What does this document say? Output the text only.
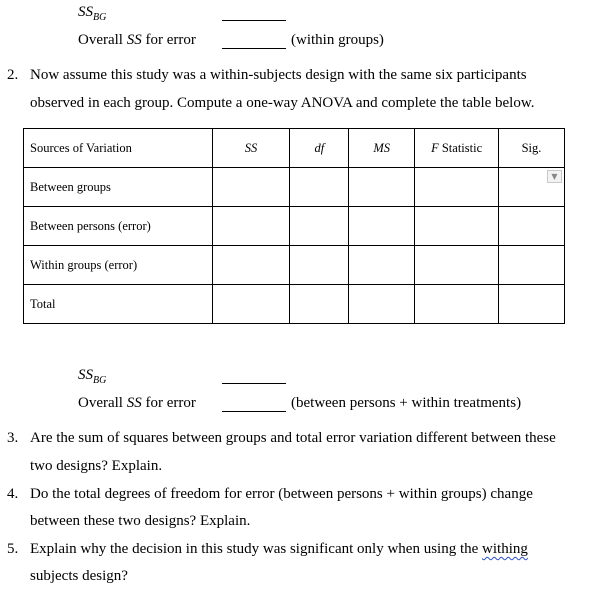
$SS_{BG}$
Overall SS for error	(within groups)
2. Now assume this study was a within-subjects design with the same six participants
observed in each group. Compute a one-way ANOVA and complete the table below.
Sources of Variation	SS	df	MS	F Statistic	Sig.
Between groups					▼

Between persons (error)					
Within groups (error)					
Total					
$SS_{BG}$
Overall SS for error	(between persons + within treatments)
3. Are the sum of squares between groups and total error variation different between these
two designs? Explain.
4. Do the total degrees of freedom for error (between persons + within groups) change
between these two designs? Explain.
5. Explain why the decision in this study was significant only when using the withing
subjects design?
